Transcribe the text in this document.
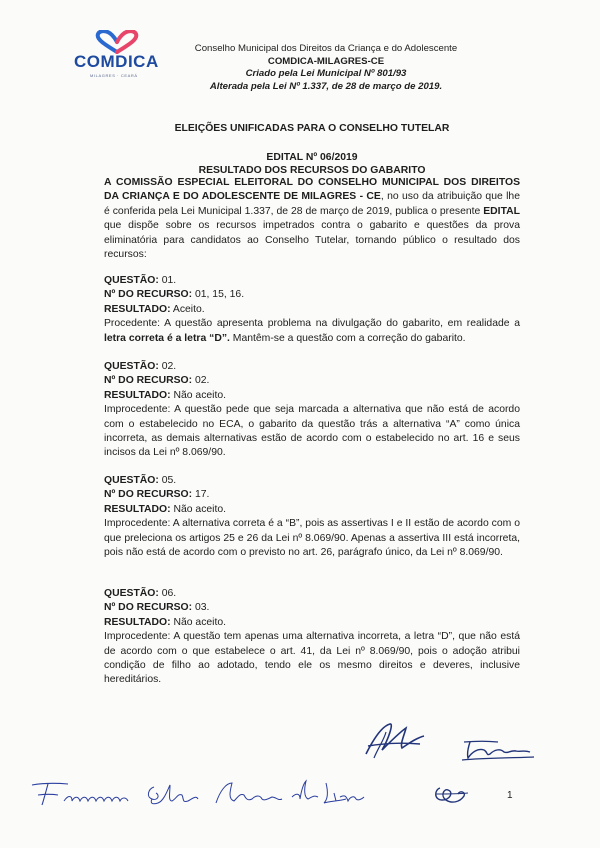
COMDICA
MILAGRES · CEARÁ
Conselho Municipal dos Direitos da Criança e do Adolescente
COMDICA-MILAGRES-CE
Criado pela Lei Municipal Nº 801/93
Alterada pela Lei Nº 1.337, de 28 de março de 2019.
ELEIÇÕES UNIFICADAS PARA O CONSELHO TUTELAR
EDITAL Nº 06/2019
RESULTADO DOS RECURSOS DO GABARITO
A COMISSÃO ESPECIAL ELEITORAL DO CONSELHO MUNICIPAL DOS DIREITOS DA CRIANÇA E DO ADOLESCENTE DE MILAGRES - CE, no uso da atribuição que lhe é conferida pela Lei Municipal 1.337, de 28 de março de 2019, publica o presente EDITAL que dispõe sobre os recursos impetrados contra o gabarito e questões da prova eliminatória para candidatos ao Conselho Tutelar, tornando público o resultado dos recursos:

QUESTÃO: 01.

Nº DO RECURSO: 01, 15, 16.

RESULTADO: Aceito.

Procedente: A questão apresenta problema na divulgação do gabarito, em realidade a letra correta é a letra “D”. Mantêm-se a questão com a correção do gabarito.

QUESTÃO: 02.

Nº DO RECURSO: 02.

RESULTADO: Não aceito.

Improcedente: A questão pede que seja marcada a alternativa que não está de acordo com o estabelecido no ECA, o gabarito da questão trás a alternativa “A” como única incorreta, as demais alternativas estão de acordo com o estabelecido no art. 16 e seus incisos da Lei nº 8.069/90.

QUESTÃO: 05.

Nº DO RECURSO: 17.

RESULTADO: Não aceito.

Improcedente: A alternativa correta é a “B”, pois as assertivas I e II estão de acordo com o que preleciona os artigos 25 e 26 da Lei nº 8.069/90. Apenas a assertiva III está incorreta, pois não está de acordo com o previsto no art. 26, parágrafo único, da Lei nº 8.069/90.

QUESTÃO: 06.

Nº DO RECURSO: 03.

RESULTADO: Não aceito.

Improcedente: A questão tem apenas uma alternativa incorreta, a letra “D”, que não está de acordo com o que estabelece o art. 41, da Lei nº 8.069/90, pois o adoção atribui condição de filho ao adotado, tendo ele os mesmo direitos e deveres, inclusive hereditários.

1
